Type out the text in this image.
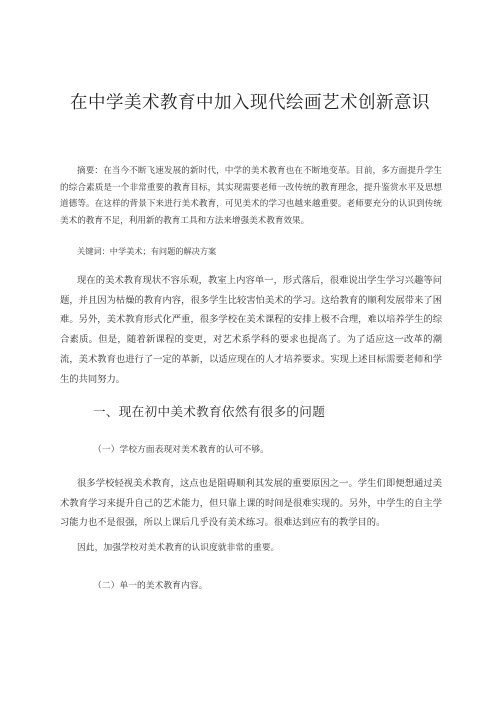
在中学美术教育中加入现代绘画艺术创新意识
摘要：在当今不断飞速发展的新时代，中学的美术教育也在不断地变革。目前，多方面提升学生的综合素质是一个非常重要的教育目标，其实现需要老师一改传统的教育理念，提升鉴赏水平及思想道德等。在这样的背景下来进行美术教育，可见美术的学习也越来越重要。老师要充分的认识到传统美术的教育不足，利用新的教育工具和方法来增强美术教育效果。
关键词：中学美术；有问题的解决方案
现在的美术教育现状不容乐观，教室上内容单一，形式落后，很难说出学生学习兴趣等问题，并且因为枯燥的教育内容，很多学生比较害怕美术的学习。这给教育的顺利发展带来了困难。另外，美术教育形式化严重，很多学校在美术课程的安排上极不合理，难以培养学生的综合素质。但是，随着新课程的变更，对艺术系学科的要求也提高了。为了适应这一改革的潮流，美术教育也进行了一定的革新，以适应现在的人才培养要求。实现上述目标需要老师和学生的共同努力。
一、现在初中美术教育依然有很多的问题
（一）学校方面表现对美术教育的认可不够。
很多学校轻视美术教育，这点也是阻碍顺利其发展的重要原因之一。学生们即便想通过美术教育学习来提升自己的艺术能力，但只靠上课的时间是很难实现的。另外，中学生的自主学习能力也不是很强，所以上课后几乎没有美术练习。很难达到应有的教学目的。
因此，加强学校对美术教育的认识度就非常的重要。
（二）单一的美术教育内容。
